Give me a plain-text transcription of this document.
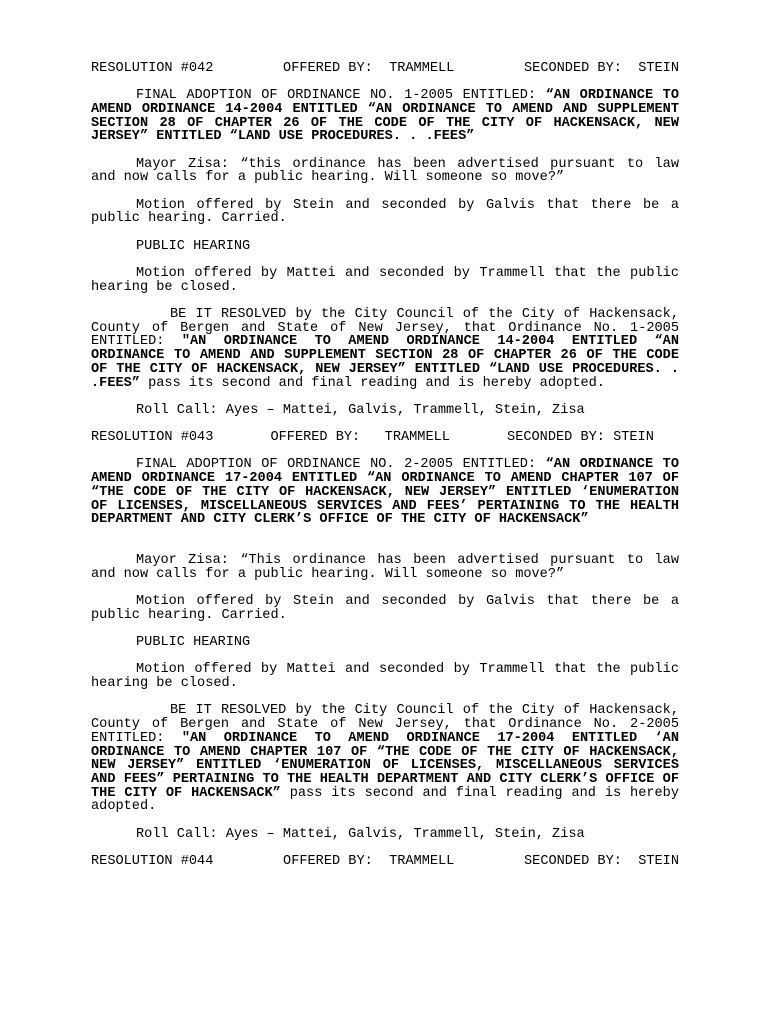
RESOLUTION #042	OFFERED BY:  TRAMMELL	SECONDED BY:  STEIN

FINAL ADOPTION OF ORDINANCE NO. 1-2005 ENTITLED: “AN ORDINANCE TO AMEND ORDINANCE 14-2004 ENTITLED “AN ORDINANCE TO AMEND AND SUPPLEMENT SECTION 28 OF CHAPTER 26 OF THE CODE OF THE CITY OF HACKENSACK, NEW JERSEY” ENTITLED “LAND USE PROCEDURES. . .FEES”

Mayor Zisa: “this ordinance has been advertised pursuant to law and now calls for a public hearing. Will someone so move?”

Motion offered by Stein and seconded by Galvis that there be a public hearing. Carried.

PUBLIC HEARING

Motion offered by Mattei and seconded by Trammell that the public hearing be closed.

BE IT RESOLVED by the City Council of the City of Hackensack, County of Bergen and State of New Jersey, that Ordinance No. 1-2005 ENTITLED: "AN ORDINANCE TO AMEND ORDINANCE 14-2004 ENTITLED “AN ORDINANCE TO AMEND AND SUPPLEMENT SECTION 28 OF CHAPTER 26 OF THE CODE OF THE CITY OF HACKENSACK, NEW JERSEY” ENTITLED “LAND USE PROCEDURES. . .FEES” pass its second and final reading and is hereby adopted.

Roll Call: Ayes – Mattei, Galvis, Trammell, Stein, Zisa

RESOLUTION #043       OFFERED BY:   TRAMMELL       SECONDED BY: STEIN

FINAL ADOPTION OF ORDINANCE NO. 2-2005 ENTITLED: “AN ORDINANCE TO AMEND ORDINANCE 17-2004 ENTITLED “AN ORDINANCE TO AMEND CHAPTER 107 OF “THE CODE OF THE CITY OF HACKENSACK, NEW JERSEY” ENTITLED ‘ENUMERATION OF LICENSES, MISCELLANEOUS SERVICES AND FEES’ PERTAINING TO THE HEALTH DEPARTMENT AND CITY CLERK’S OFFICE OF THE CITY OF HACKENSACK”

Mayor Zisa: “This ordinance has been advertised pursuant to law and now calls for a public hearing. Will someone so move?”

Motion offered by Stein and seconded by Galvis that there be a public hearing. Carried.

PUBLIC HEARING

Motion offered by Mattei and seconded by Trammell that the public hearing be closed.

BE IT RESOLVED by the City Council of the City of Hackensack, County of Bergen and State of New Jersey, that Ordinance No. 2-2005 ENTITLED: "AN ORDINANCE TO AMEND ORDINANCE 17-2004 ENTITLED ‘AN ORDINANCE TO AMEND CHAPTER 107 OF “THE CODE OF THE CITY OF HACKENSACK, NEW JERSEY” ENTITLED ‘ENUMERATION OF LICENSES, MISCELLANEOUS SERVICES AND FEES” PERTAINING TO THE HEALTH DEPARTMENT AND CITY CLERK’S OFFICE OF THE CITY OF HACKENSACK” pass its second and final reading and is hereby adopted.

Roll Call: Ayes – Mattei, Galvis, Trammell, Stein, Zisa

RESOLUTION #044	OFFERED BY:  TRAMMELL	SECONDED BY:  STEIN
